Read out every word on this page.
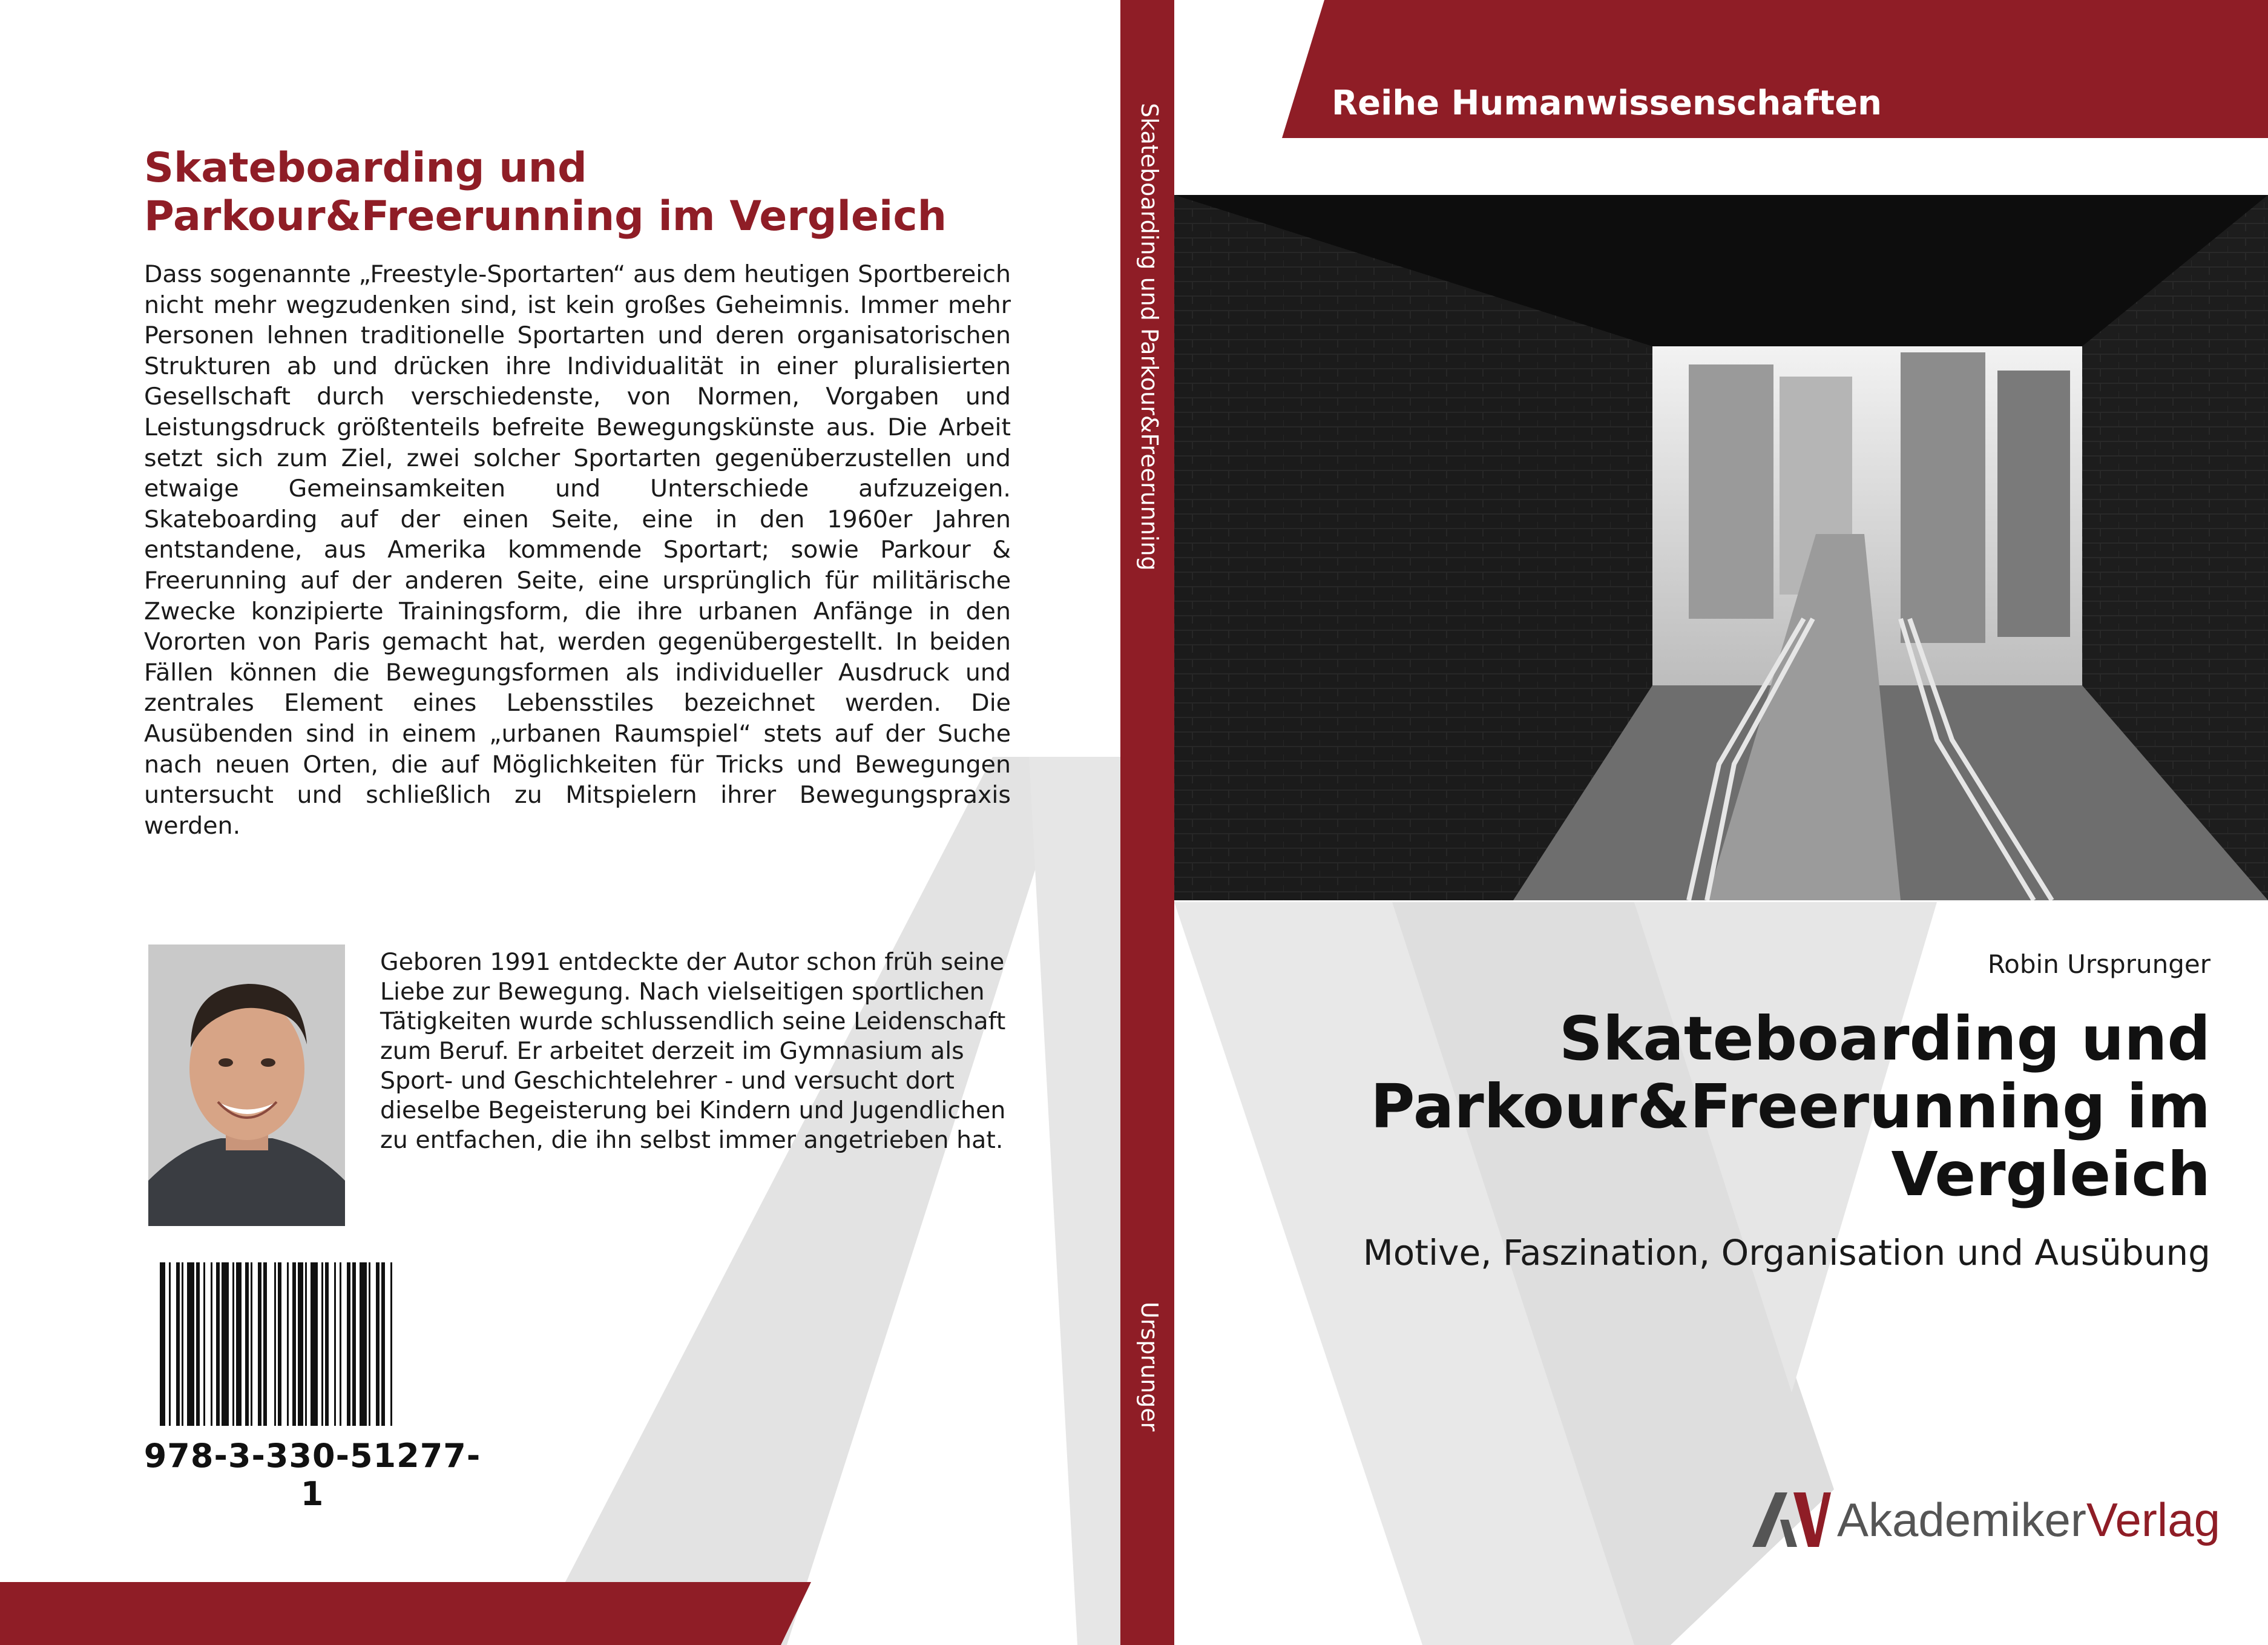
Skateboarding und Parkour&Freerunning im Vergleich
Dass sogenannte „Freestyle-Sportarten“ aus dem heutigen Sportbereich nicht mehr wegzudenken sind, ist kein großes Geheimnis. Immer mehr Personen lehnen traditionelle Sportarten und deren organisatorischen Strukturen ab und drücken ihre Individualität in einer pluralisierten Gesellschaft durch verschiedenste, von Normen, Vorgaben und Leistungsdruck größtenteils befreite Bewegungskünste aus. Die Arbeit setzt sich zum Ziel, zwei solcher Sportarten gegenüberzustellen und etwaige Gemeinsamkeiten und Unterschiede aufzuzeigen. Skateboarding auf der einen Seite, eine in den 1960er Jahren entstandene, aus Amerika kommende Sportart; sowie Parkour & Freerunning auf der anderen Seite, eine ursprünglich für militärische Zwecke konzipierte Trainingsform, die ihre urbanen Anfänge in den Vororten von Paris gemacht hat, werden gegenübergestellt. In beiden Fällen können die Bewegungsformen als individueller Ausdruck und zentrales Element eines Lebensstiles bezeichnet werden. Die Ausübenden sind in einem „urbanen Raumspiel“ stets auf der Suche nach neuen Orten, die auf Möglichkeiten für Tricks und Bewegungen untersucht und schließlich zu Mitspielern ihrer Bewegungspraxis werden.
Geboren 1991 entdeckte der Autor schon früh seine Liebe zur Bewegung. Nach vielseitigen sportlichen Tätigkeiten wurde schlussendlich seine Leidenschaft zum Beruf. Er arbeitet derzeit im Gymnasium als Sport- und Geschichtelehrer - und versucht dort dieselbe Begeisterung bei Kindern und Jugendlichen zu entfachen, die ihn selbst immer angetrieben hat.
978-3-330-51277-1
Skateboarding und Parkour&Freerunning
Ursprunger
Reihe Humanwissenschaften
Robin Ursprunger
Skateboarding und Parkour&Freerunning im Vergleich
Motive, Faszination, Organisation und Ausübung
AkademikerVerlag
